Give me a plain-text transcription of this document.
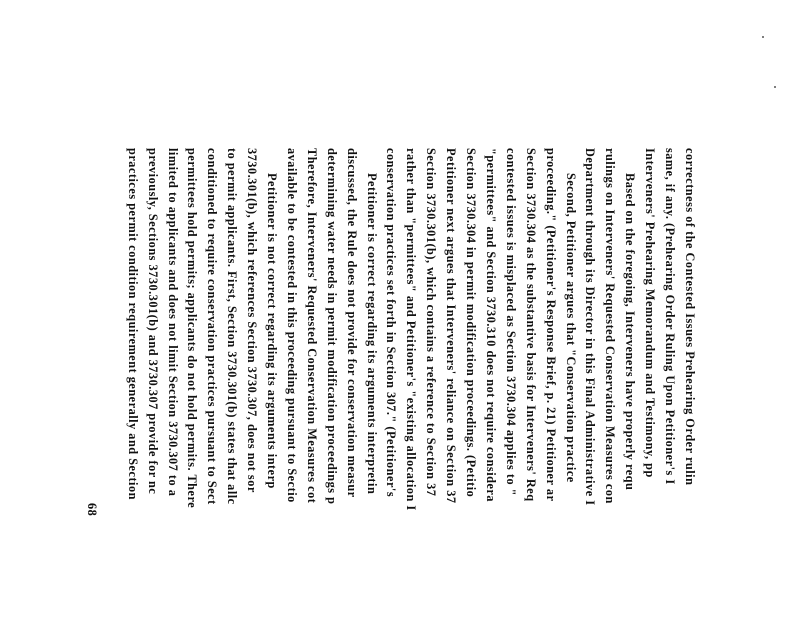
correctness of the Contested Issues Prehearing Order rulin
same, if any. (Prehearing Order Ruling Upon Petitioner's I
Interveners' Prehearing Memorandum and Testimony, pp
Based on the foregoing, Interveners have properly requ
rulings on Interveners' Requested Conservation Measures con
Department through its Director in this Final Administrative I
Second, Petitioner argues that "Conservation practice
proceeding." (Petitioner's Response Brief, p. 21) Petitioner ar
Section 3730.304 as the substantive basis for Interveners' Req
contested issues is misplaced as Section 3730.304 applies to "
"permittees" and Section 3730.310 does not require considera
Section 3730.304 in permit modification proceedings. (Petitio
Petitioner next argues that Interveners' reliance on Section 37
Section 3730.301(b), which contains a reference to Section 37
rather than "permittees" and Petitioner's "existing allocation I
conservation practices set forth in Section 307." (Petitioner's
Petitioner is correct regarding its arguments interpretin
discussed, the Rule does not provide for conservation measur
determining water needs in permit modification proceedings p
Therefore, Interveners' Requested Conservation Measures cot
available to be contested in this proceeding pursuant to Sectio
Petitioner is not correct regarding its arguments interp
3730.301(b), which references Section 3730.307, does not sor
to permit applicants. First, Section 3730.301(b) states that allc
conditioned to require conservation practices pursuant to Sect
permittees hold permits; applicants do not hold permits. There
limited to applicants and does not limit Section 3730.307 to a
previously, Sections 3730.301(b) and 3730.307 provide for nc
practices permit condition requirement generally and Section
68
